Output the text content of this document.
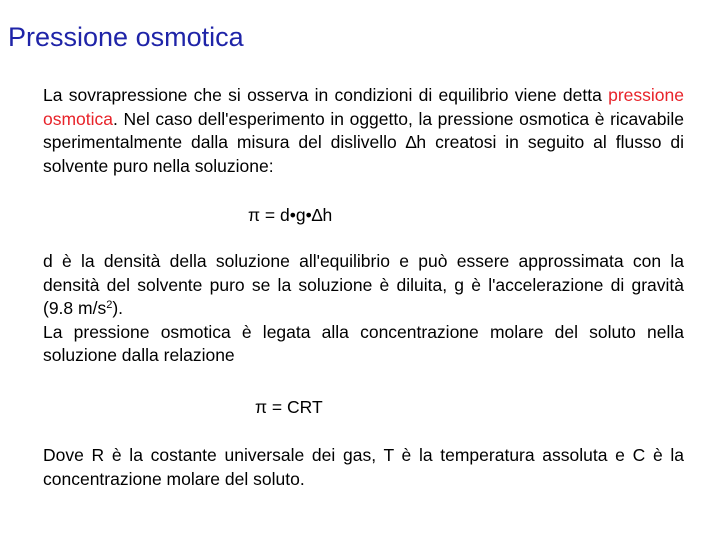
Pressione osmotica

La sovrapressione che si osserva in condizioni di equilibrio viene detta pressione osmotica. Nel caso dell'esperimento in oggetto, la pressione osmotica è ricavabile sperimentalmente dalla misura del dislivello ∆h creatosi in seguito al flusso di solvente puro nella soluzione:

π = d•g•∆h

d è la densità della soluzione all'equilibrio e può essere approssimata con la densità del solvente puro se la soluzione è diluita, g è l'accelerazione di gravità (9.8 $m/s^2$).

La pressione osmotica è legata alla concentrazione molare del soluto nella soluzione dalla relazione

π = CRT

Dove R è la costante universale dei gas, T è la temperatura assoluta e C è la concentrazione molare del soluto.
